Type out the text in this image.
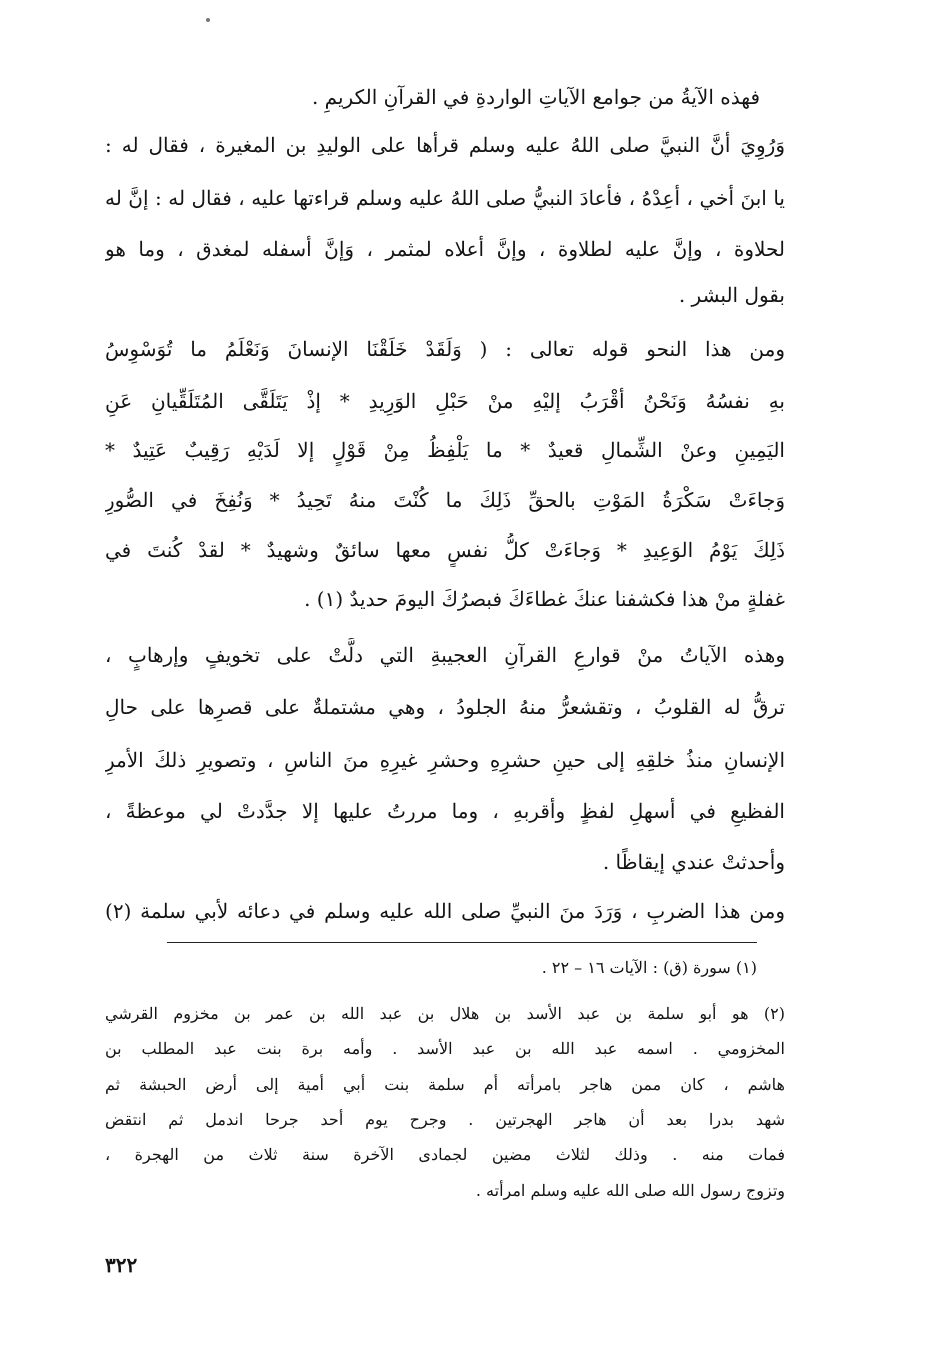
فهذه الآيةُ من جوامع الآياتِ الواردةِ في القرآنِ الكريمِ .
وَرُوِيَ أنَّ النبيَّ صلى اللهُ عليه وسلم قرأها على الوليدِ بن المغيرة ، فقال له :
يا ابنَ أخي ، أعِدْهُ ، فأعادَ النبيُّ صلى اللهُ عليه وسلم قراءتها عليه ، فقال له : إنَّ له
لحلاوة ، وإنَّ عليه لطلاوة ، وإنَّ أعلاه لمثمر ، وَإنَّ أسفله لمغدق ، وما هو
بقول البشر .
ومن هذا النحو قوله تعالى : ( وَلَقَدْ خَلَقْنَا الإنسانَ وَنَعْلَمُ ما تُوَسْوِسُ
بهِ نفسُهُ وَنَحْنُ أقْرَبُ إليْهِ منْ حَبْلِ الوَرِيدِ * إذْ يَتَلَقَّى المُتَلَقِّيانِ عَنِ
اليَمِينِ وعنْ الشِّمالِ قعيدٌ * ما يَلْفِظُ مِنْ قَوْلٍ إلا لَدَيْهِ رَقِيبٌ عَتِيدٌ *
وَجاءَتْ سَكْرَةُ المَوْتِ بالحقِّ ذَلِكَ ما كُنْتَ منهُ تَحِيدُ * وَنُفِخَ في الصُّورِ
ذَلِكَ يَوْمُ الوَعِيدِ * وَجاءَتْ كلُّ نفسٍ معها سائقٌ وشهيدٌ * لقدْ كُنتَ في
غفلةٍ منْ هذا فكشفنا عنكَ غطاءَكَ فبصرُكَ اليومَ حديدٌ (١) .
وهذه الآياتُ منْ قوارعِ القرآنِ العجيبةِ التي دلَّتْ على تخويفٍ وإرهابٍ ،
ترقُّ له القلوبُ ، وتقشعرُّ منهُ الجلودُ ، وهي مشتملةٌ على قصرِها على حالِ
الإنسانِ منذُ خلقِهِ إلى حينِ حشرِهِ وحشرِ غيرِهِ منَ الناسِ ، وتصويرِ ذلكَ الأمرِ
الفظيعِ في أسهلِ لفظٍ وأقربهِ ، وما مررتُ عليها إلا جدَّدتْ لي موعظةً ،
وأحدثتْ عندي إيقاظًا .
ومن هذا الضربِ ، وَرَدَ منَ النبيِّ صلى الله عليه وسلم في دعائه لأبي سلمة (٢)
(١) سورة (ق) : الآيات ١٦ – ٢٢ .
(٢) هو أبو سلمة بن عبد الأسد بن هلال بن عبد الله بن عمر بن مخزوم القرشي
المخزومي . اسمه عبد الله بن عبد الأسد . وأمه برة بنت عبد المطلب بن
هاشم ، كان ممن هاجر بامرأته أم سلمة بنت أبي أمية إلى أرض الحبشة ثم
شهد بدرا بعد أن هاجر الهجرتين . وجرح يوم أحد جرحا اندمل ثم انتقض
فمات منه . وذلك لثلاث مضين لجمادى الآخرة سنة ثلاث من الهجرة ،
وتزوج رسول الله صلى الله عليه وسلم امرأته .
٣٢٢
